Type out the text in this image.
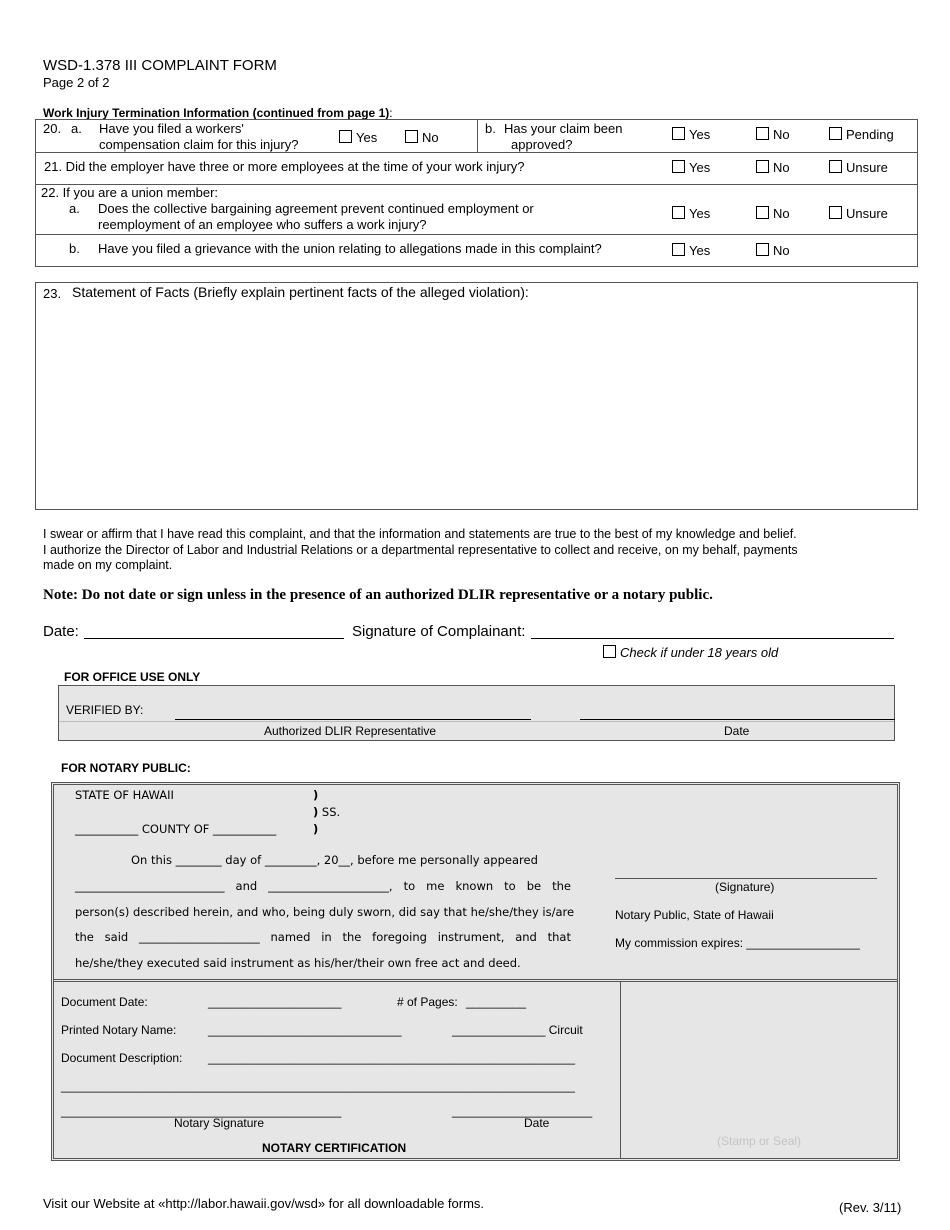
WSD-1.378 III COMPLAINT FORM
Page 2 of 2
Work Injury Termination Information (continued from page 1):
20. a. Have you filed a workers'
compensation claim for this injury?	Yes	No
b. Has your claim been
approved?
Yes	No	Pending
21. Did the employer have three or more employees at the time of your work injury?	Yes	No	Unsure
22. If you are a union member:
a. Does the collective bargaining agreement prevent continued employment or
reemployment of an employee who suffers a work injury?
Yes	No	Unsure
b. Have you filed a grievance with the union relating to allegations made in this complaint?	Yes	No
23. Statement of Facts (Briefly explain pertinent facts of the alleged violation):
I swear or affirm that I have read this complaint, and that the information and statements are true to the best of my knowledge and belief.
I authorize the Director of Labor and Industrial Relations or a departmental representative to collect and receive, on my behalf, payments
made on my complaint.
Note: Do not date or sign unless in the presence of an authorized DLIR representative or a notary public.
Date:	Signature of Complainant:
Check if under 18 years old
FOR OFFICE USE ONLY
VERIFIED BY:
Authorized DLIR Representative	Date
FOR NOTARY PUBLIC:
STATE OF HAWAII	)
) SS.
___________ COUNTY OF ___________	)
On this ________ day of _________, 20__, before me personally appeared
__________________________ and _____________________, to me known to be the
person(s) described herein, and who, being duly sworn, did say that he/she/they is/are
the said _____________________ named in the foregoing instrument, and that
he/she/they executed said instrument as his/her/their own free act and deed.
(Signature)
Notary Public, State of Hawaii
My commission expires: _________________
Document Date:	____________________	# of Pages: _________
Printed Notary Name:	_____________________________	______________ Circuit
Document Description: _______________________________________________________
_____________________________________________________________________________
__________________________________________	_____________________
Notary Signature	Date
NOTARY CERTIFICATION	(Stamp or Seal)
Visit our Website at «http://labor.hawaii.gov/wsd» for all downloadable forms.	(Rev. 3/11)
